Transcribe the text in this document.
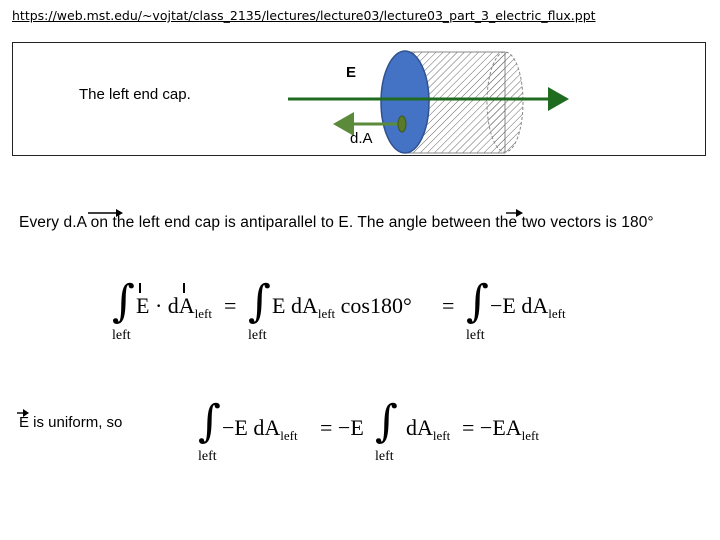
https://web.mst.edu/~vojtat/class_2135/lectures/lecture03/lecture03_part_3_electric_flux.ppt
The left end cap.
E
d.A
Every d.A on the left end cap is antiparallel to E. The angle between the two vectors is 180°
∫
left
$E \cdot dA_{left}$ = ∫
left
E $dA_{left}$ cos180° = ∫
left
−E $dA_{left}$
E is uniform, so ∫
left
−E $dA_{left} = -E$ ∫
left
$dA_{left} = -EA_{left}$
